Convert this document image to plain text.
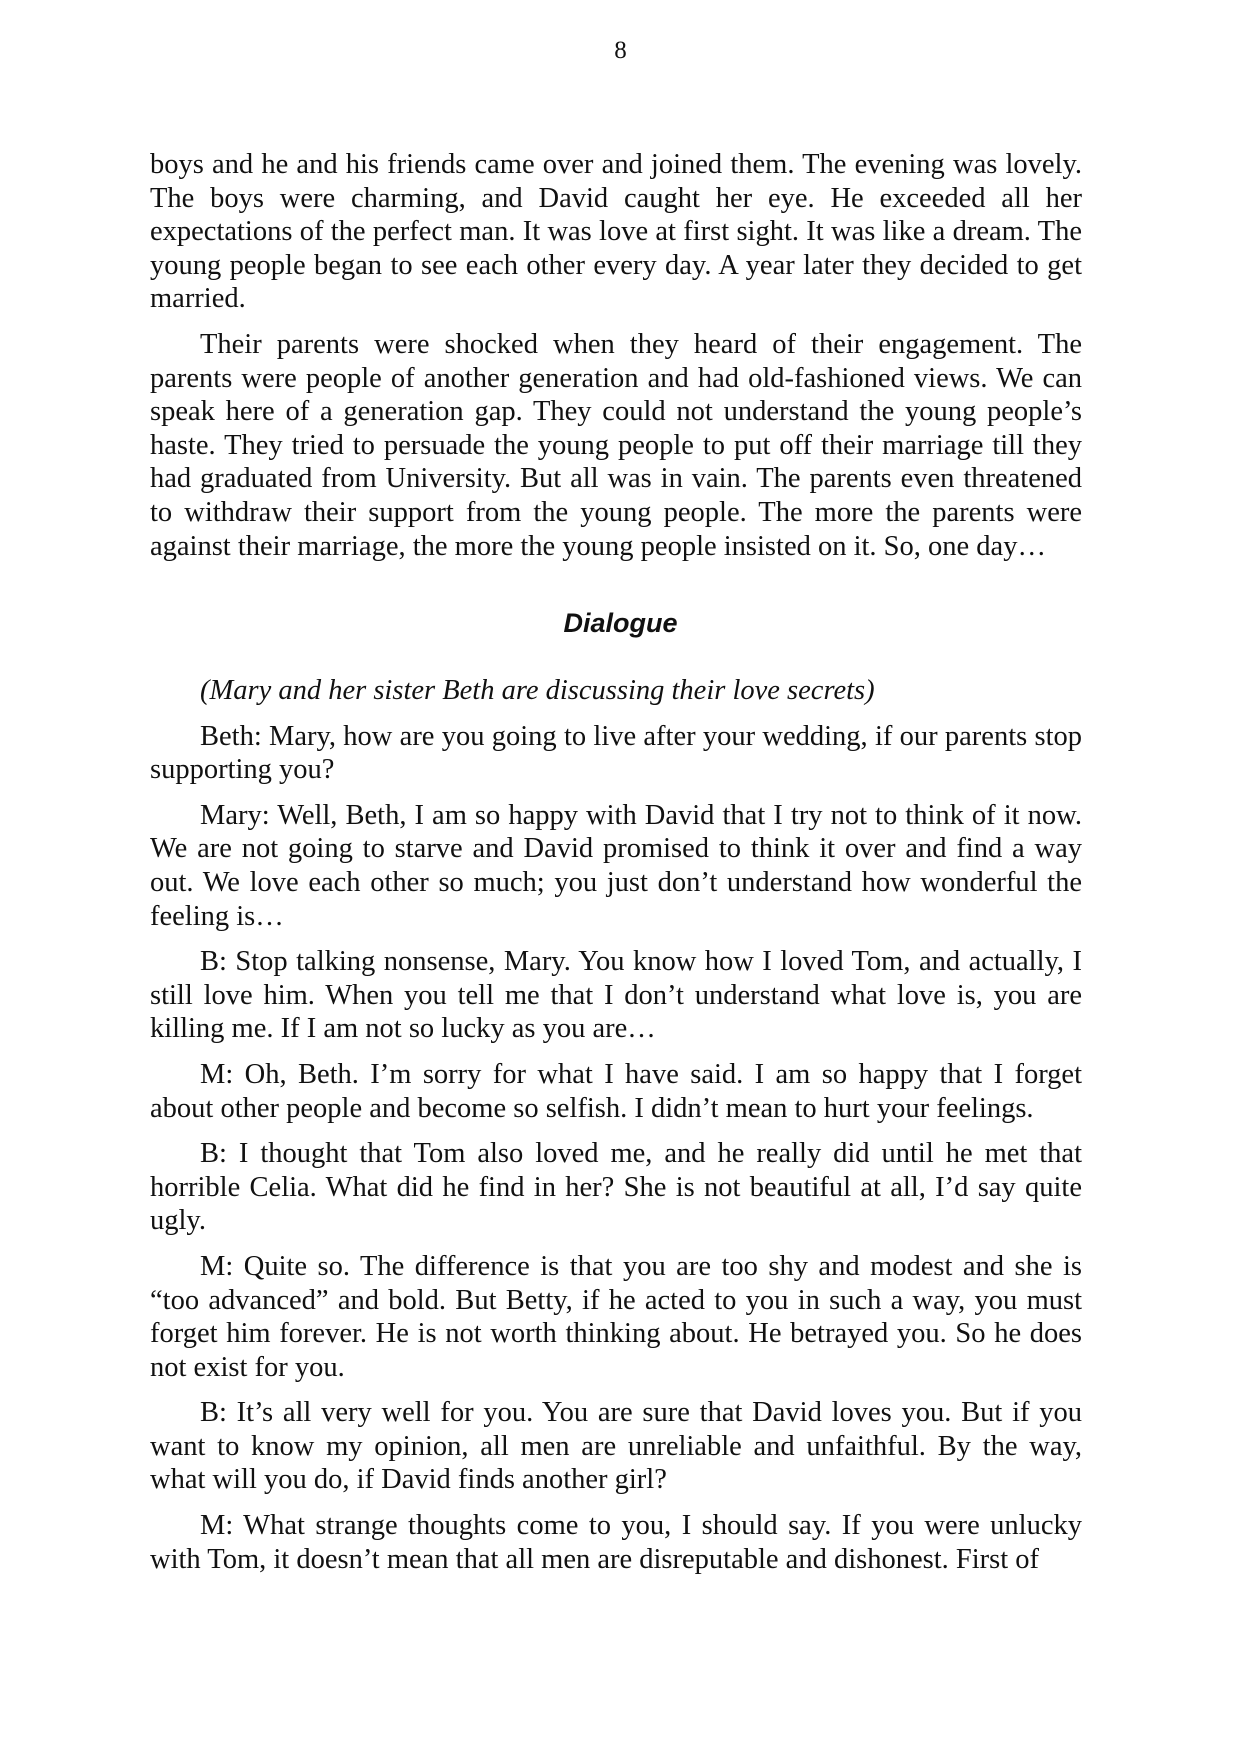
8

boys and he and his friends came over and joined them. The evening was lovely. The boys were charming, and David caught her eye. He exceeded all her expectations of the perfect man. It was love at first sight. It was like a dream. The young people began to see each other every day. A year later they decided to get married.

Their parents were shocked when they heard of their engagement. The parents were people of another generation and had old-fashioned views. We can speak here of a generation gap. They could not understand the young people’s haste. They tried to persuade the young people to put off their marriage till they had graduated from University. But all was in vain. The parents even threatened to withdraw their support from the young people. The more the parents were against their marriage, the more the young people insisted on it. So, one day…

Dialogue

(Mary and her sister Beth are discussing their love secrets)

Beth: Mary, how are you going to live after your wedding, if our parents stop supporting you?

Mary: Well, Beth, I am so happy with David that I try not to think of it now. We are not going to starve and David promised to think it over and find a way out. We love each other so much; you just don’t understand how wonderful the feeling is…

B: Stop talking nonsense, Mary. You know how I loved Tom, and actually, I still love him. When you tell me that I don’t understand what love is, you are killing me. If I am not so lucky as you are…

M: Oh, Beth. I’m sorry for what I have said. I am so happy that I forget about other people and become so selfish. I didn’t mean to hurt your feelings.

B: I thought that Tom also loved me, and he really did until he met that horrible Celia. What did he find in her? She is not beautiful at all, I’d say quite ugly.

M: Quite so. The difference is that you are too shy and modest and she is “too advanced” and bold. But Betty, if he acted to you in such a way, you must forget him forever. He is not worth thinking about. He betrayed you. So he does not exist for you.

B: It’s all very well for you. You are sure that David loves you. But if you want to know my opinion, all men are unreliable and unfaithful. By the way, what will you do, if David finds another girl?

M: What strange thoughts come to you, I should say. If you were unlucky with Tom, it doesn’t mean that all men are disreputable and dishonest. First of
